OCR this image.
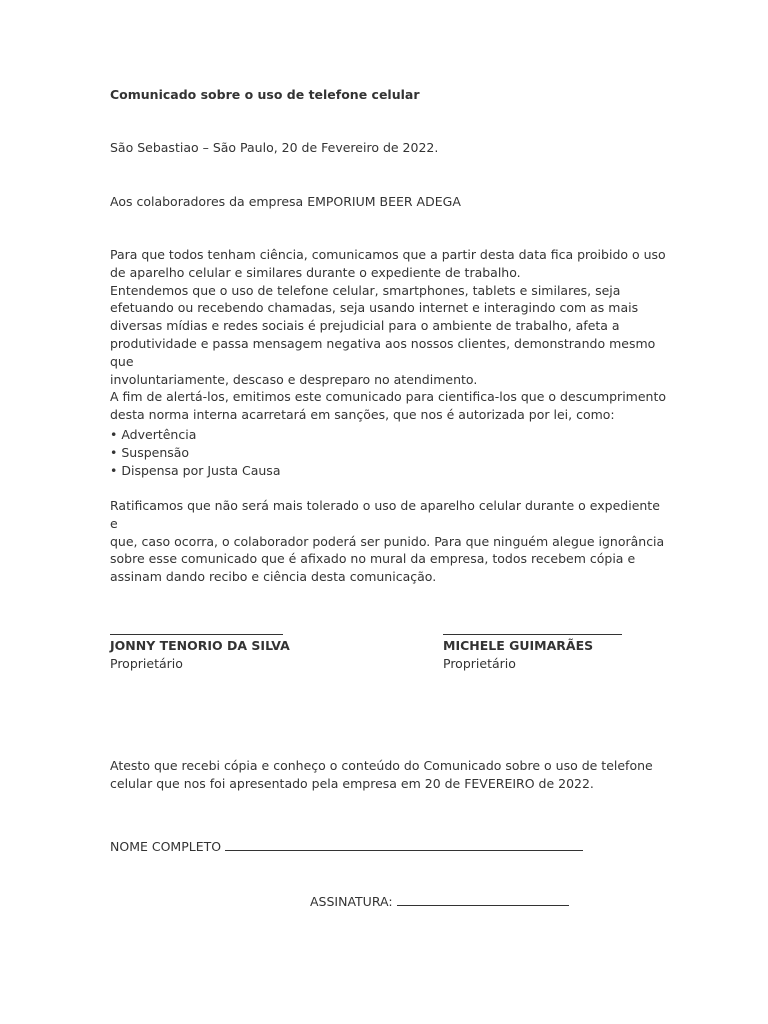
Comunicado sobre o uso de telefone celular
São Sebastiao – São Paulo, 20 de Fevereiro de 2022.
Aos colaboradores da empresa EMPORIUM BEER ADEGA

Para que todos tenham ciência, comunicamos que a partir desta data fica proibido o uso

de aparelho celular e similares durante o expediente de trabalho.

Entendemos que o uso de telefone celular, smartphones, tablets e similares, seja

efetuando ou recebendo chamadas, seja usando internet e interagindo com as mais

diversas mídias e redes sociais é prejudicial para o ambiente de trabalho, afeta a

produtividade e passa mensagem negativa aos nossos clientes, demonstrando mesmo que

involuntariamente, descaso e despreparo no atendimento.

A fim de alertá-los, emitimos este comunicado para cientifica-los que o descumprimento

desta norma interna acarretará em sanções, que nos é autorizada por lei, como:

• Advertência
• Suspensão
• Dispensa por Justa Causa
Ratificamos que não será mais tolerado o uso de aparelho celular durante o expediente e
que, caso ocorra, o colaborador poderá ser punido. Para que ninguém alegue ignorância
sobre esse comunicado que é afixado no mural da empresa, todos recebem cópia e
assinam dando recibo e ciência desta comunicação.
JONNY TENORIO DA SILVA
Proprietário
MICHELE GUIMARÃES
Proprietário
Atesto que recebi cópia e conheço o conteúdo do Comunicado sobre o uso de telefone
celular que nos foi apresentado pela empresa em 20 de FEVEREIRO de 2022.
NOME COMPLETO
ASSINATURA:
